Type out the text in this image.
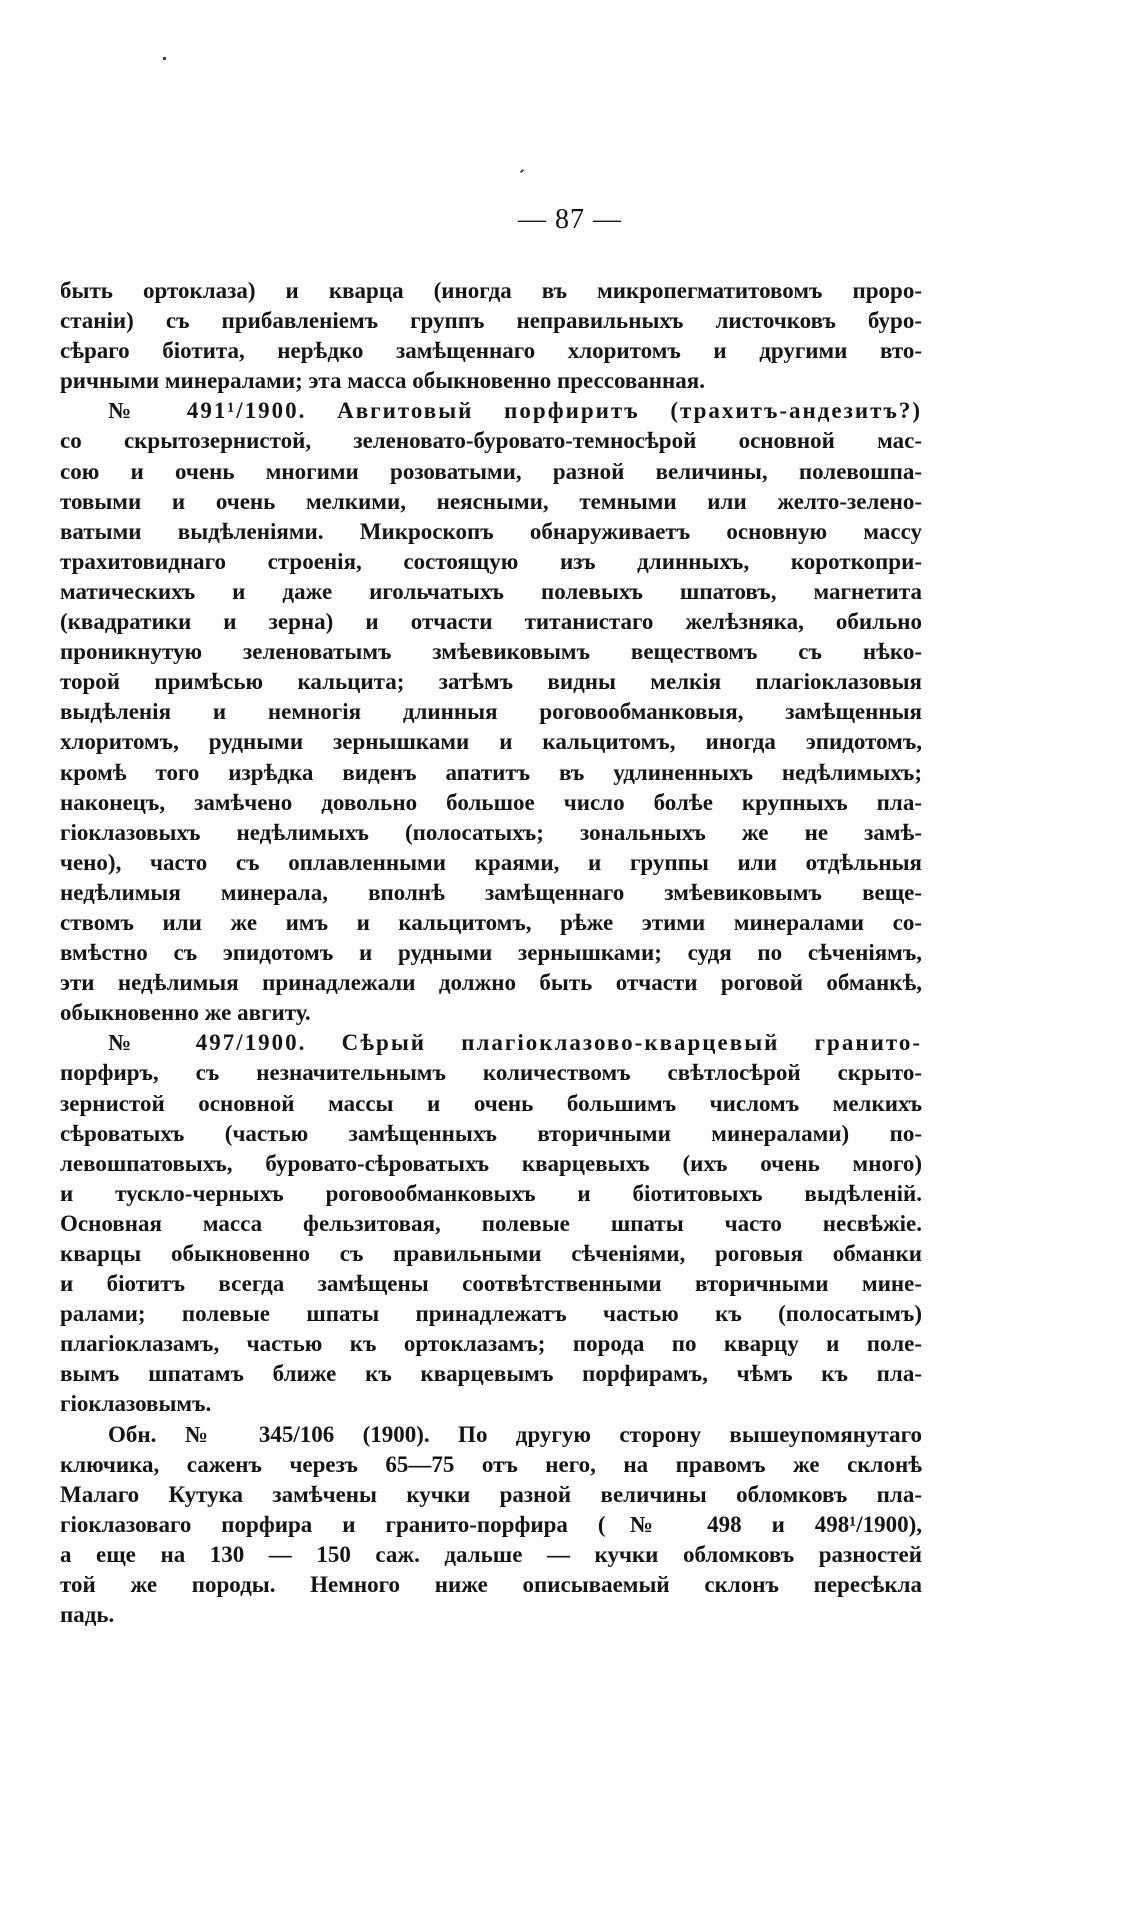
— 87 —
быть ортоклаза) и кварца (иногда въ микропегматитовомъ проро-
станіи) съ прибавленіемъ группъ неправильныхъ листочковъ буро-
сѣраго біотита, нерѣдко замѣщеннаго хлоритомъ и другими вто-
ричными минералами; эта масса обыкновенно прессованная.
№ 491¹/1900. Авгитовый порфиритъ (трахитъ-андезитъ?)
со скрытозернистой, зеленовато-буровато-темносѣрой основной мас-
сою и очень многими розоватыми, разной величины, полевошпа-
товыми и очень мелкими, неясными, темными или желто-зелено-
ватыми выдѣленіями. Микроскопъ обнаруживаетъ основную массу
трахитовиднаго строенія, состоящую изъ длинныхъ, короткопри-
матическихъ и даже игольчатыхъ полевыхъ шпатовъ, магнетита
(квадратики и зерна) и отчасти титанистаго желѣзняка, обильно
проникнутую зеленоватымъ змѣевиковымъ веществомъ съ нѣко-
торой примѣсью кальцита; затѣмъ видны мелкія плагіоклазовыя
выдѣленія и немногія длинныя роговообманковыя, замѣщенныя
хлоритомъ, рудными зернышками и кальцитомъ, иногда эпидотомъ,
кромѣ того изрѣдка виденъ апатитъ въ удлиненныхъ недѣлимыхъ;
наконецъ, замѣчено довольно большое число болѣе крупныхъ пла-
гіоклазовыхъ недѣлимыхъ (полосатыхъ; зональныхъ же не замѣ-
чено), часто съ оплавленными краями, и группы или отдѣльныя
недѣлимыя минерала, вполнѣ замѣщеннаго змѣевиковымъ веще-
ствомъ или же имъ и кальцитомъ, рѣже этими минералами со-
вмѣстно съ эпидотомъ и рудными зернышками; судя по сѣченіямъ,
эти недѣлимыя принадлежали должно быть отчасти роговой обманкѣ,
обыкновенно же авгиту.
№ 497/1900. Сѣрый плагіоклазово-кварцевый гранито-
порфиръ, съ незначительнымъ количествомъ свѣтлосѣрой скрыто-
зернистой основной массы и очень большимъ числомъ мелкихъ
сѣроватыхъ (частью замѣщенныхъ вторичными минералами) по-
левошпатовыхъ, буровато-сѣроватыхъ кварцевыхъ (ихъ очень много)
и тускло-черныхъ роговообманковыхъ и біотитовыхъ выдѣленій.
Основная масса фельзитовая, полевые шпаты часто несвѣжіе.
кварцы обыкновенно съ правильными сѣченіями, роговыя обманки
и біотитъ всегда замѣщены соотвѣтственными вторичными мине-
ралами; полевые шпаты принадлежатъ частью къ (полосатымъ)
плагіоклазамъ, частью къ ортоклазамъ; порода по кварцу и поле-
вымъ шпатамъ ближе къ кварцевымъ порфирамъ, чѣмъ къ пла-
гіоклазовымъ.
Обн. № 345/106 (1900). По другую сторону вышеупомянутаго
ключика, саженъ черезъ 65—75 отъ него, на правомъ же склонѣ
Малаго Кутука замѣчены кучки разной величины обломковъ пла-
гіоклазоваго порфира и гранито-порфира (№ 498 и 498¹/1900),
а еще на 130 — 150 саж. дальше — кучки обломковъ разностей
той же породы. Немного ниже описываемый склонъ пересѣкла
падь.
